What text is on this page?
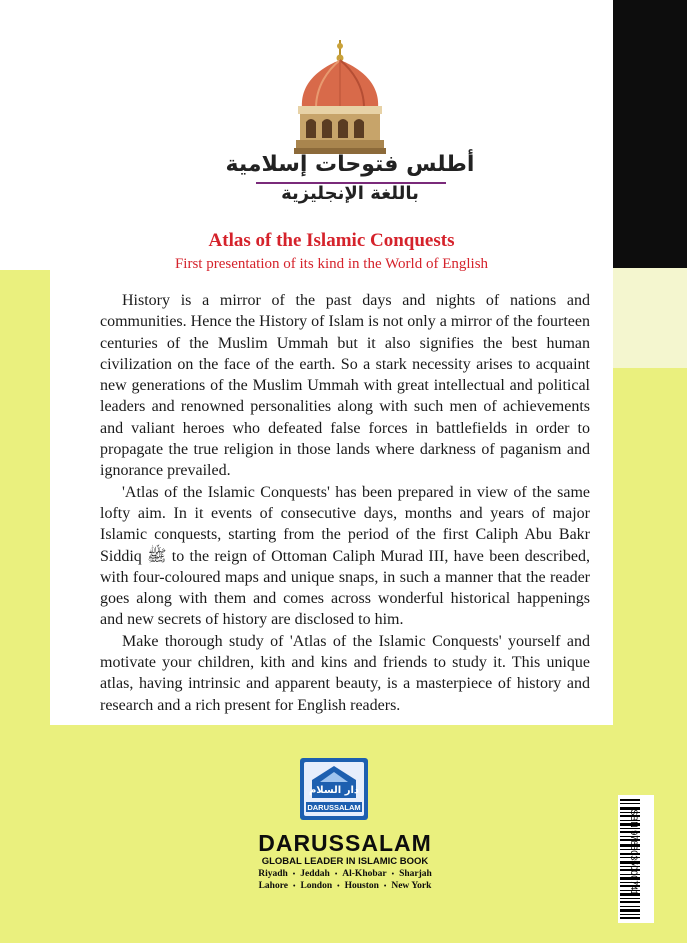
أطلس فتوحات إسلامية
باللغة الإنجليزية
Atlas of the Islamic Conquests
First presentation of its kind in the World of English

History is a mirror of the past days and nights of nations and communities. Hence the History of Islam is not only a mirror of the fourteen centuries of the Muslim Ummah but it also signifies the best human civilization on the face of the earth. So a stark necessity arises to acquaint new generations of the Muslim Ummah with great intellectual and political leaders and renowned personalities along with such men of achievements and valiant heroes who defeated false forces in battlefields in order to propagate the true religion in those lands where darkness of paganism and ignorance prevailed.

'Atlas of the Islamic Conquests' has been prepared in view of the same lofty aim. In it events of consecutive days, months and years of major Islamic conquests, starting from the period of the first Caliph Abu Bakr Siddiq ﷺ to the reign of Ottoman Caliph Murad III, have been described, with four-coloured maps and unique snaps, in such a manner that the reader goes along with them and comes across wonderful historical happenings and new secrets of history are disclosed to him.

Make thorough study of 'Atlas of the Islamic Conquests' yourself and motivate your children, kith and kins and friends to study it. This unique atlas, having intrinsic and apparent beauty, is a masterpiece of history and research and a rich present for English readers.

دار السلام
DARUSSALAM
DARUSSALAM
GLOBAL LEADER IN ISLAMIC BOOK
Riyadh • Jeddah • Al-Khobar • Sharjah
Lahore • London • Houston • New York
ISBN 9786035000741
